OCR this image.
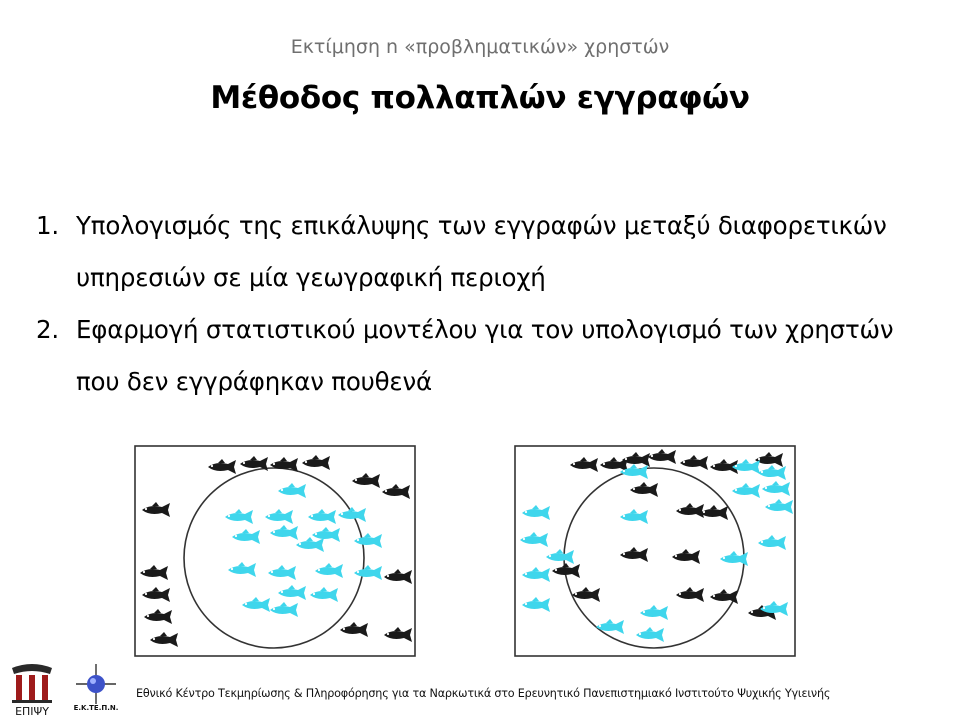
Εκτίμηση n «προβληματικών» χρηστών
Μέθοδος πολλαπλών εγγραφών
1. Υπολογισμός της επικάλυψης των εγγραφών μεταξύ διαφορετικών υπηρεσιών σε μία γεωγραφική περιοχή
2. Εφαρμογή στατιστικού μοντέλου για τον υπολογισμό των χρηστών που δεν εγγράφηκαν πουθενά
ΕΠΙΨΥ	Ε.Κ.ΤΕ.Π.Ν.
Εθνικό Κέντρο Τεκμηρίωσης & Πληροφόρησης για τα Ναρκωτικά στο Ερευνητικό Πανεπιστημιακό Ινστιτούτο Ψυχικής Υγιεινής
